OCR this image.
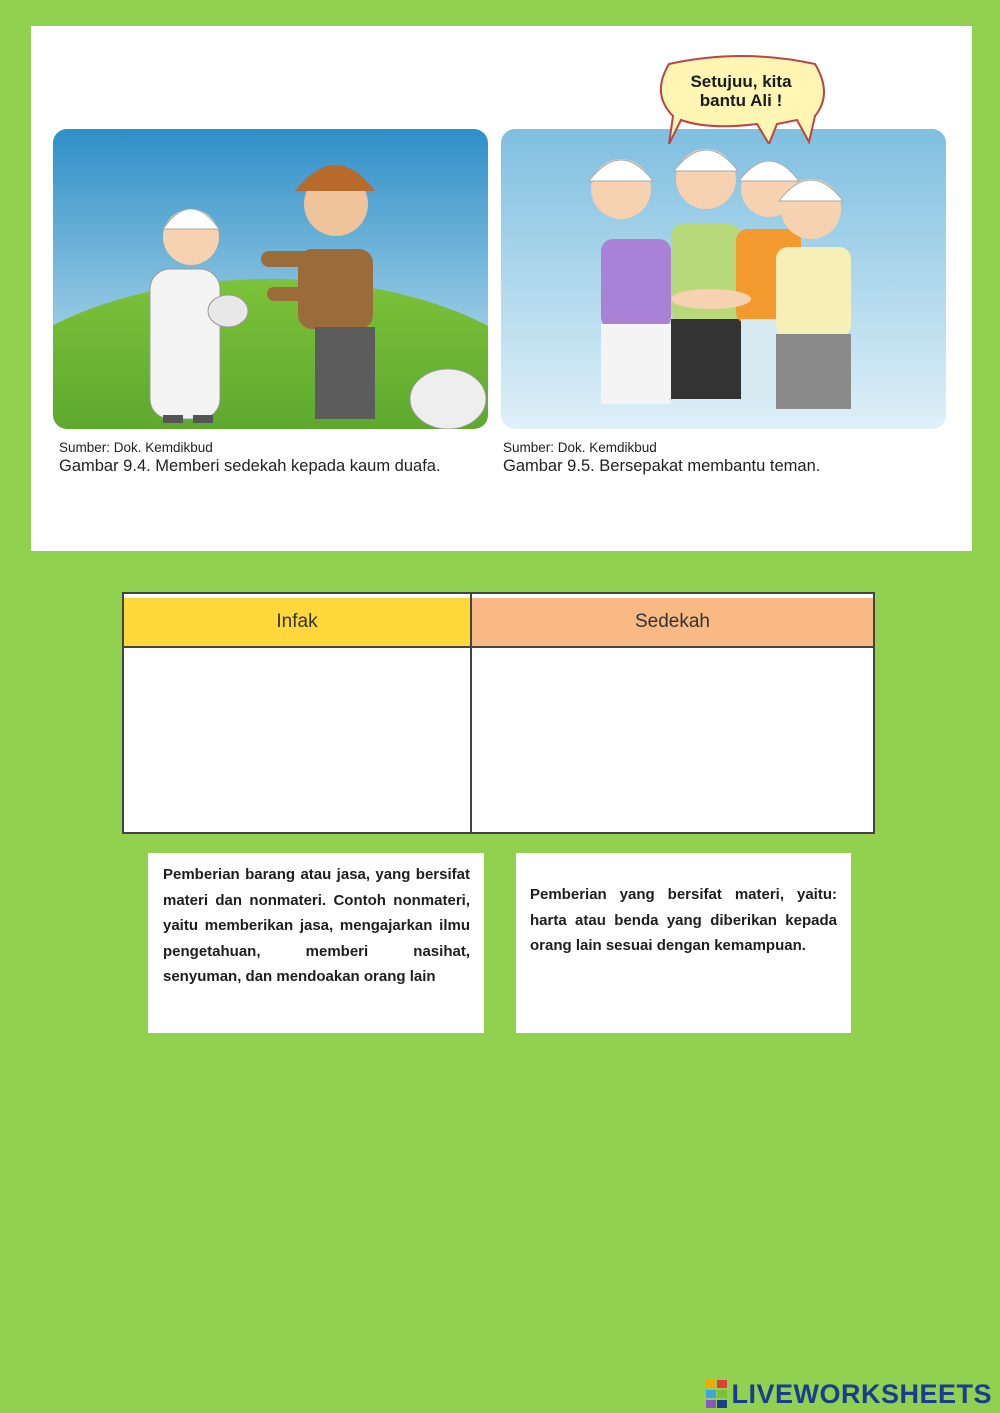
Setujuu, kita
bantu Ali !
Sumber: Dok. Kemdikbud
Gambar 9.4. Memberi sedekah kepada kaum duafa.
Sumber: Dok. Kemdikbud
Gambar 9.5. Bersepakat membantu teman.
Infak	Sedekah
Pemberian barang atau jasa, yang bersifat materi dan nonmateri. Contoh nonmateri, yaitu memberikan jasa, mengajarkan ilmu pengetahuan, memberi nasihat, senyuman, dan mendoakan orang lain
Pemberian yang bersifat materi, yaitu: harta atau benda yang diberikan kepada orang lain sesuai dengan kemampuan.
LIVEWORKSHEETS
